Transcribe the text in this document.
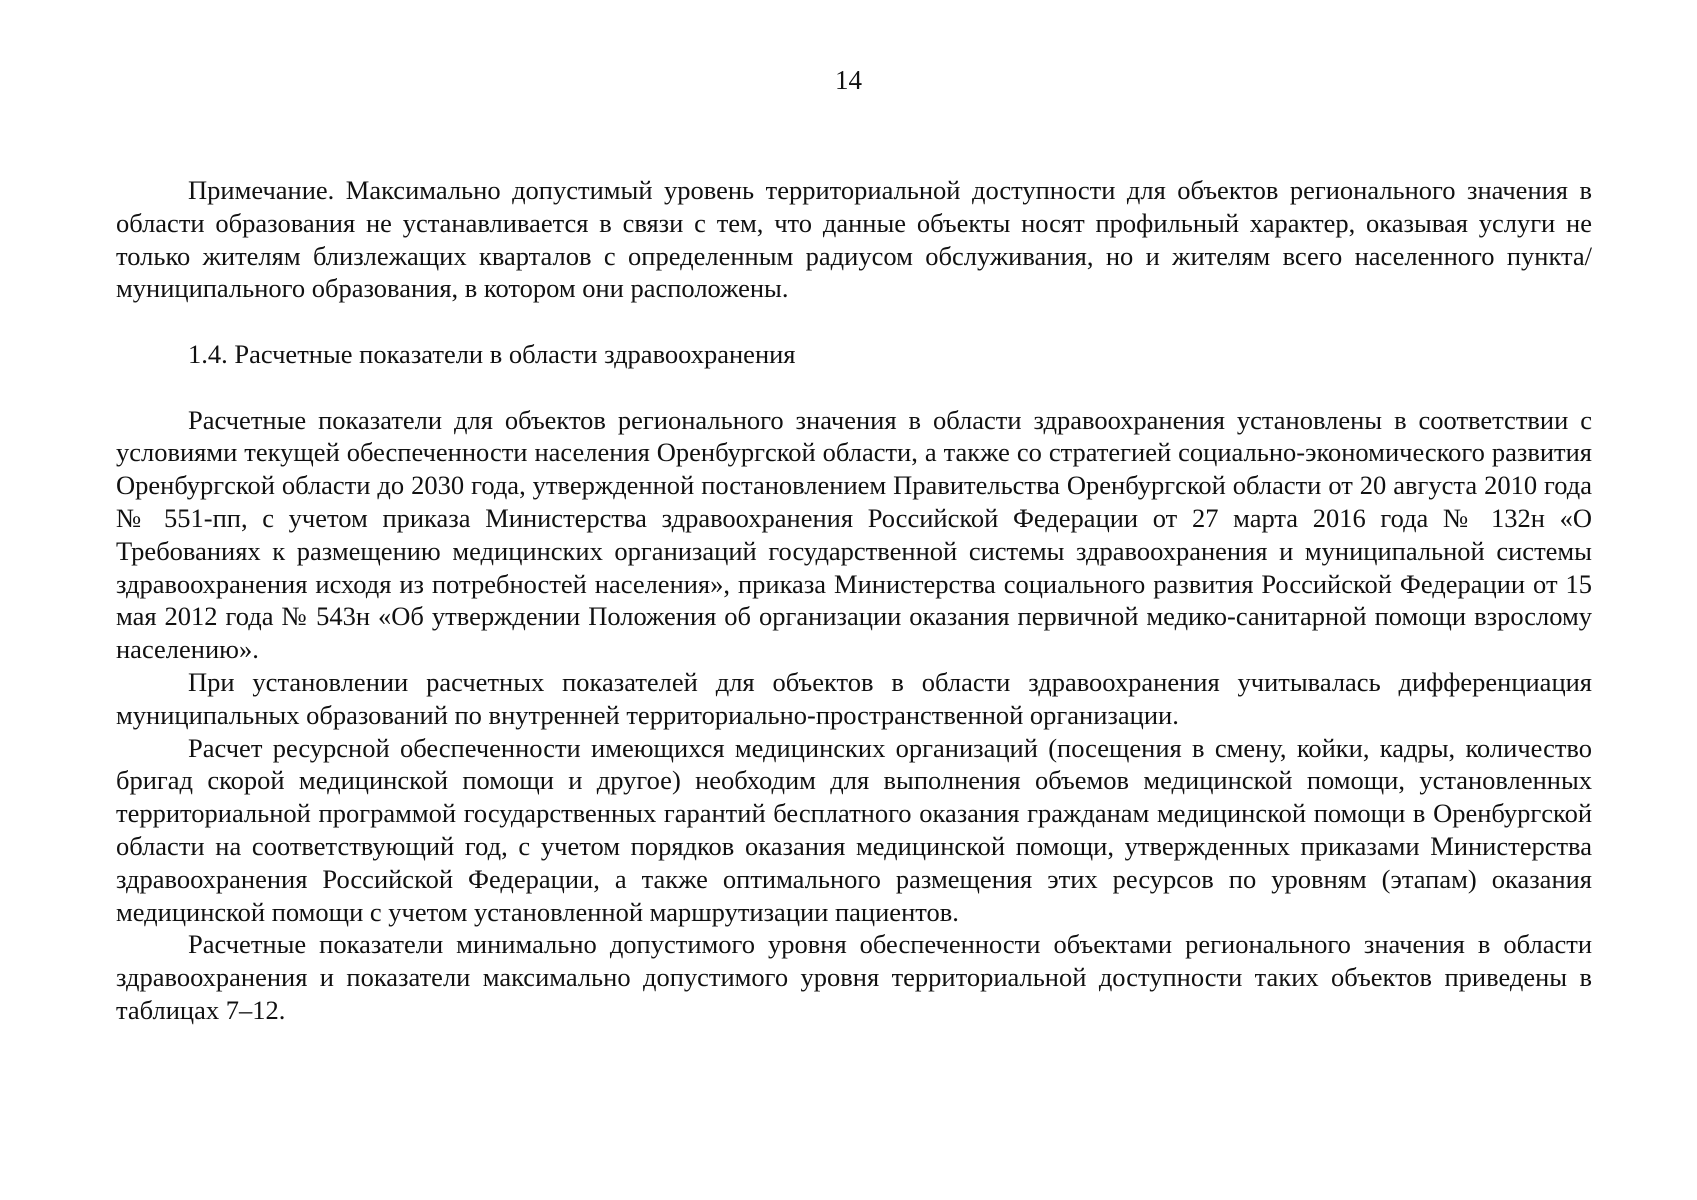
14

Примечание. Максимально допустимый уровень территориальной доступности для объектов регионального значения в области образования не устанавливается в связи с тем, что данные объекты носят профильный характер, оказывая услуги не только жителям близлежащих кварталов с определенным радиусом обслуживания, но и жителям всего населенного пункта/муниципального образования, в котором они расположены.

1.4. Расчетные показатели в области здравоохранения

Расчетные показатели для объектов регионального значения в области здравоохранения установлены в соответствии с условиями текущей обеспеченности населения Оренбургской области, а также со стратегией социально-экономического развития Оренбургской области до 2030 года, утвержденной постановлением Правительства Оренбургской области от 20 августа 2010 года № 551-пп, с учетом приказа Министерства здравоохранения Российской Федерации от 27 марта 2016 года № 132н «О Требованиях к размещению медицинских организаций государственной системы здравоохранения и муниципальной системы здравоохранения исходя из потребностей населения», приказа Министерства социального развития Российской Федерации от 15 мая 2012 года № 543н «Об утверждении Положения об организации оказания первичной медико-санитарной помощи взрослому населению».

При установлении расчетных показателей для объектов в области здравоохранения учитывалась дифференциация муниципальных образований по внутренней территориально-пространственной организации.

Расчет ресурсной обеспеченности имеющихся медицинских организаций (посещения в смену, койки, кадры, количество бригад скорой медицинской помощи и другое) необходим для выполнения объемов медицинской помощи, установленных территориальной программой государственных гарантий бесплатного оказания гражданам медицинской помощи в Оренбургской области на соответствующий год, с учетом порядков оказания медицинской помощи, утвержденных приказами Министерства здравоохранения Российской Федерации, а также оптимального размещения этих ресурсов по уровням (этапам) оказания медицинской помощи с учетом установленной маршрутизации пациентов.

Расчетные показатели минимально допустимого уровня обеспеченности объектами регионального значения в области здравоохранения и показатели максимально допустимого уровня территориальной доступности таких объектов приведены в таблицах 7–12.
